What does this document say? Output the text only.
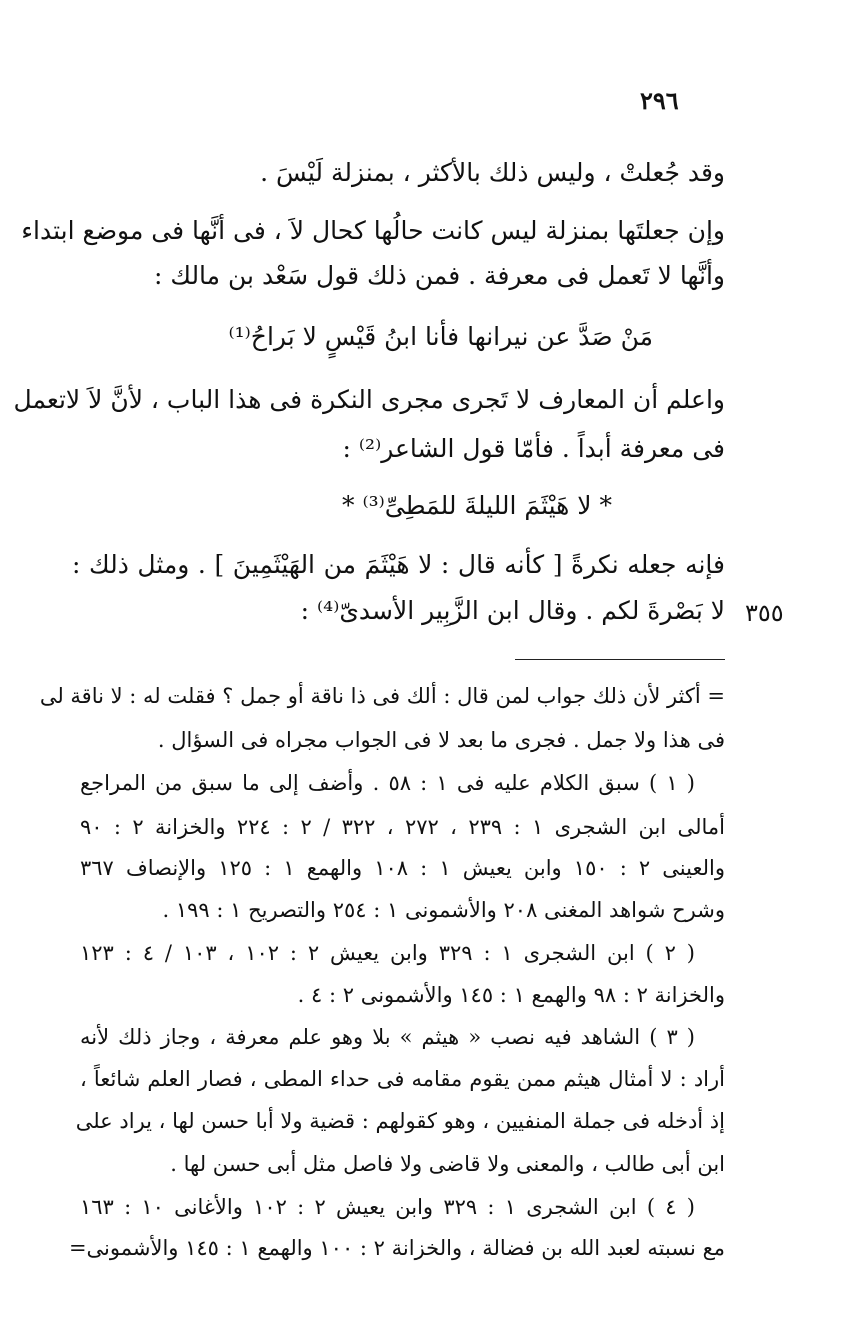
٢٩٦
وقد جُعلتْ ، وليس ذلك بالأكثر ، بمنزلة لَيْسَ .
وإن جعلتَها بمنزلة ليس كانت حالُها كحال لاَ ، فى أنَّها فى موضع ابتداء
وأنَّها لا تَعمل فى معرفة . فمن ذلك قول سَعْد بن مالك :
مَنْ صَدَّ عن نيرانها فأنا ابنُ قَيْسٍ لا بَراحُ⁽¹⁾
واعلم أن المعارف لا تَجرى مجرى النكرة فى هذا الباب ، لأنَّ لاَ لاتعمل
فى معرفة أبداً . فأمّا قول الشاعر⁽²⁾ :
* لا هَيْثَمَ الليلةَ للمَطِىِّ⁽³⁾ *
فإنه جعله نكرةً [ كأنه قال : لا هَيْثَمَ من الهَيْثَمِينَ ] . ومثل ذلك :
لا بَصْرةَ لكم . وقال ابن الزَّبِير الأسدىّ⁽⁴⁾ : ٣٥٥
= أكثر لأن ذلك جواب لمن قال : ألك فى ذا ناقة أو جمل ؟ فقلت له : لا ناقة لى
فى هذا ولا جمل . فجرى ما بعد لا فى الجواب مجراه فى السؤال .
( ١ ) سبق الكلام عليه فى ١ : ٥٨ . وأضف إلى ما سبق من المراجع
أمالى ابن الشجرى ١ : ٢٣٩ ، ٢٧٢ ، ٣٢٢ / ٢ : ٢٢٤ والخزانة ٢ : ٩٠
والعينى ٢ : ١٥٠ وابن يعيش ١ : ١٠٨ والهمع ١ : ١٢٥ والإنصاف ٣٦٧
وشرح شواهد المغنى ٢٠٨ والأشمونى ١ : ٢٥٤ والتصريح ١ : ١٩٩ .
( ٢ ) ابن الشجرى ١ : ٣٢٩ وابن يعيش ٢ : ١٠٢ ، ١٠٣ / ٤ : ١٢٣
والخزانة ٢ : ٩٨ والهمع ١ : ١٤٥ والأشمونى ٢ : ٤ .
( ٣ ) الشاهد فيه نصب « هيثم » بلا وهو علم معرفة ، وجاز ذلك لأنه
أراد : لا أمثال هيثم ممن يقوم مقامه فى حداء المطى ، فصار العلم شائعاً ،
إذ أدخله فى جملة المنفيين ، وهو كقولهم : قضية ولا أبا حسن لها ، يراد على
ابن أبى طالب ، والمعنى ولا قاضى ولا فاصل مثل أبى حسن لها .
( ٤ ) ابن الشجرى ١ : ٣٢٩ وابن يعيش ٢ : ١٠٢ والأغانى ١٠ : ١٦٣
مع نسبته لعبد الله بن فضالة ، والخزانة ٢ : ١٠٠ والهمع ١ : ١٤٥ والأشمونى=
